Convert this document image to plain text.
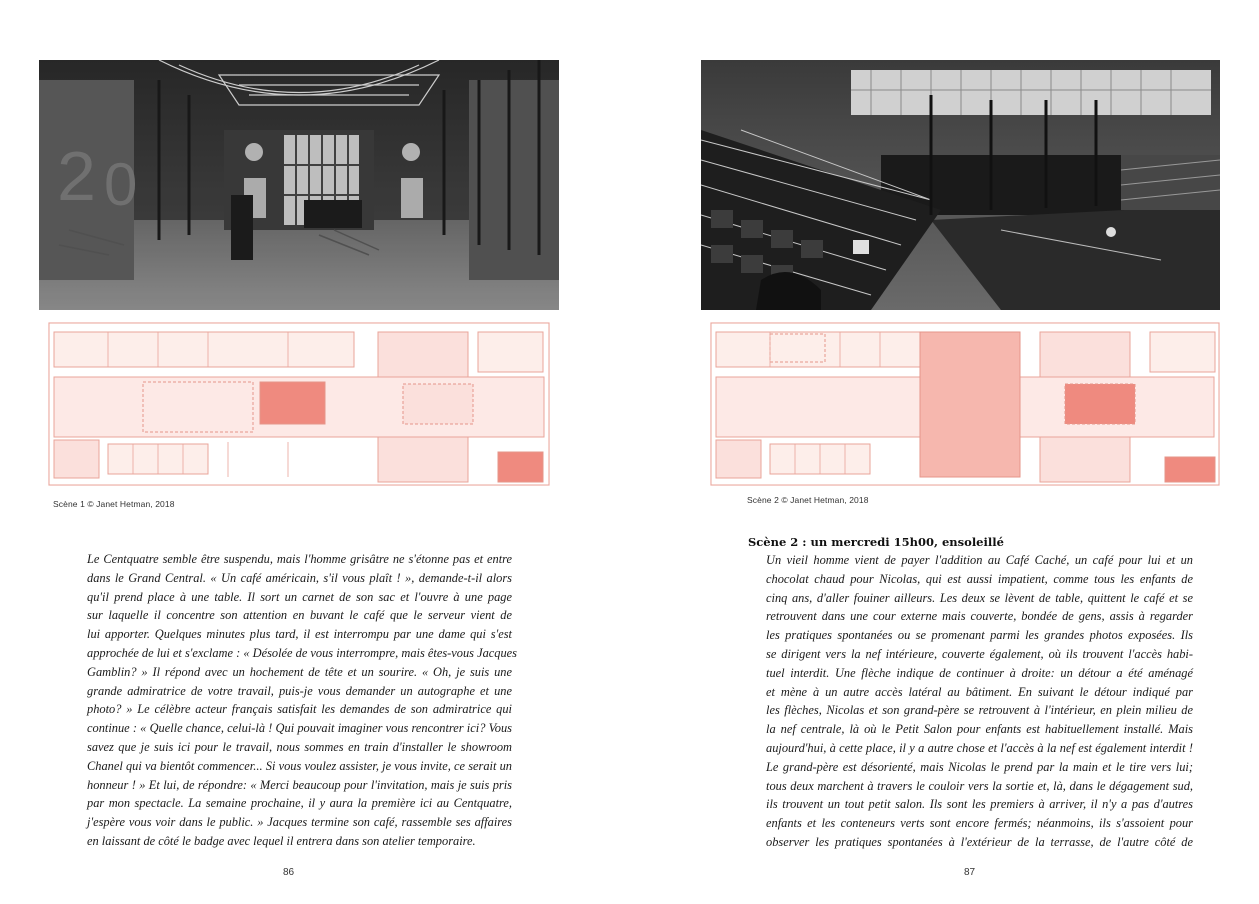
2 0
Scène 1 © Janet Hetman, 2018
Le Centquatre semble être suspendu, mais l'homme grisâtre ne s'étonne pas et entre
dans le Grand Central. « Un café américain, s'il vous plaît ! », demande-t-il alors
qu'il prend place à une table. Il sort un carnet de son sac et l'ouvre à une page
sur laquelle il concentre son attention en buvant le café que le serveur vient de
lui apporter. Quelques minutes plus tard, il est interrompu par une dame qui s'est
approchée de lui et s'exclame : « Désolée de vous interrompre, mais êtes-vous Jacques
Gamblin? » Il répond avec un hochement de tête et un sourire. « Oh, je suis une
grande admiratrice de votre travail, puis-je vous demander un autographe et une
photo? » Le célèbre acteur français satisfait les demandes de son admiratrice qui
continue : « Quelle chance, celui-là ! Qui pouvait imaginer vous rencontrer ici? Vous
savez que je suis ici pour le travail, nous sommes en train d'installer le showroom
Chanel qui va bientôt commencer... Si vous voulez assister, je vous invite, ce serait un
honneur ! » Et lui, de répondre: « Merci beaucoup pour l'invitation, mais je suis pris
par mon spectacle. La semaine prochaine, il y aura la première ici au Centquatre,
j'espère vous voir dans le public. » Jacques termine son café, rassemble ses affaires
en laissant de côté le badge avec lequel il entrera dans son atelier temporaire.
86
Scène 2 © Janet Hetman, 2018
Scène 2 : un mercredi 15h00, ensoleillé
Un vieil homme vient de payer l'addition au Café Caché, un café pour lui et un
chocolat chaud pour Nicolas, qui est aussi impatient, comme tous les enfants de
cinq ans, d'aller fouiner ailleurs. Les deux se lèvent de table, quittent le café et se
retrouvent dans une cour externe mais couverte, bondée de gens, assis à regarder
les pratiques spontanées ou se promenant parmi les grandes photos exposées. Ils
se dirigent vers la nef intérieure, couverte également, où ils trouvent l'accès habi-
tuel interdit. Une flèche indique de continuer à droite: un détour a été aménagé
et mène à un autre accès latéral au bâtiment. En suivant le détour indiqué par
les flèches, Nicolas et son grand-père se retrouvent à l'intérieur, en plein milieu de
la nef centrale, là où le Petit Salon pour enfants est habituellement installé. Mais
aujourd'hui, à cette place, il y a autre chose et l'accès à la nef est également interdit !
Le grand-père est désorienté, mais Nicolas le prend par la main et le tire vers lui;
tous deux marchent à travers le couloir vers la sortie et, là, dans le dégagement sud,
ils trouvent un tout petit salon. Ils sont les premiers à arriver, il n'y a pas d'autres
enfants et les conteneurs verts sont encore fermés; néanmoins, ils s'assoient pour
observer les pratiques spontanées à l'extérieur de la terrasse, de l'autre côté de
87
